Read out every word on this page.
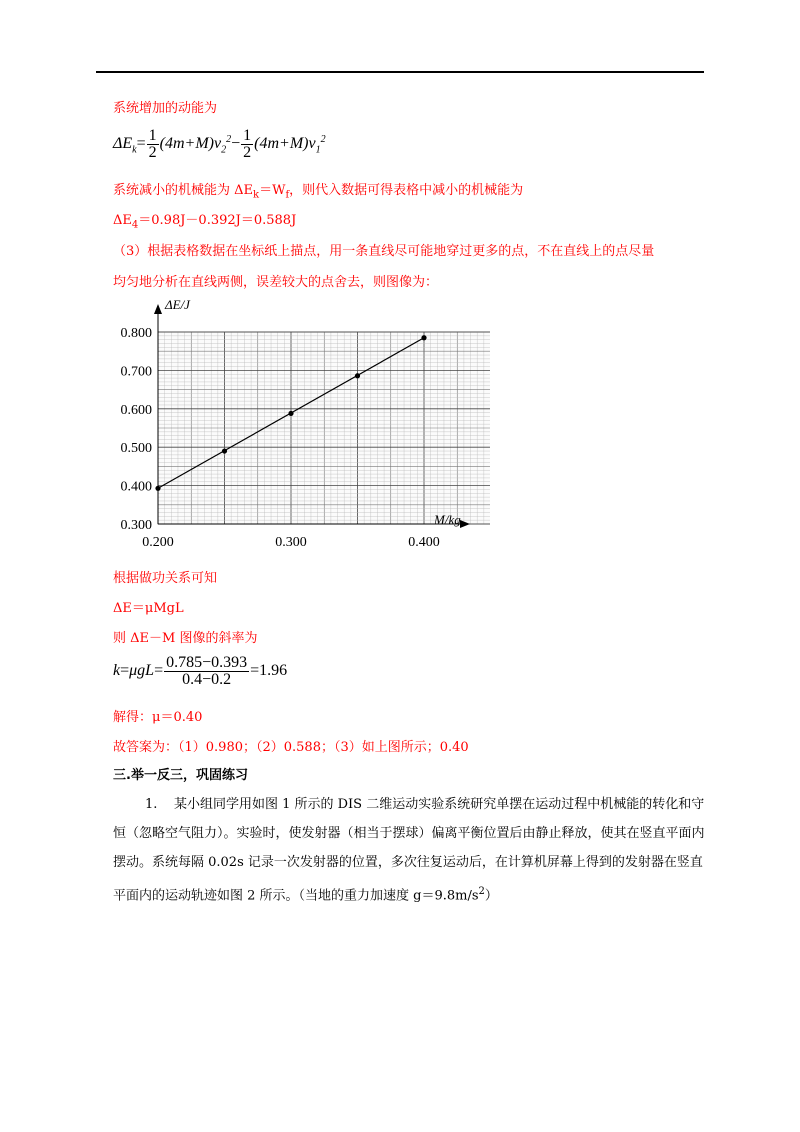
系统增加的动能为
$\Delta E_k= \frac{1}{2} (4m+M)v_2^2- \frac{1}{2} (4m+M)v_1^2$
系统减小的机械能为 $\Delta E_k=W_f$，则代入数据可得表格中减小的机械能为
$\Delta E_4=0.98J-0.392J=0.588J$
（3）根据表格数据在坐标纸上描点，用一条直线尽可能地穿过更多的点，不在直线上的点尽量
均匀地分析在直线两侧，误差较大的点舍去，则图像为：
0.300
0.400
0.500
0.600
0.700
0.800
0.200	0.300	0.400
ΔE/J
M/kg
根据做功关系可知
ΔE＝μMgL
则 ΔE－M 图像的斜率为
$k=\mu gL= \frac{0.785-0.393}{0.4-0.2} =1.96$
解得：μ＝0.40
故答案为：（1）0.980；（2）0.588；（3）如上图所示；0.40
三.举一反三，巩固练习
1. 某小组同学用如图 1 所示的 DIS 二维运动实验系统研究单摆在运动过程中机械能的转化和守恒（忽略空气阻力）。实验时，使发射器（相当于摆球）偏离平衡位置后由静止释放，使其在竖直平面内摆动。系统每隔 0.02s 记录一次发射器的位置，多次往复运动后，在计算机屏幕上得到的发射器在竖直平面内的运动轨迹如图 2 所示。（当地的重力加速度 $g=9.8m/s^2$）
